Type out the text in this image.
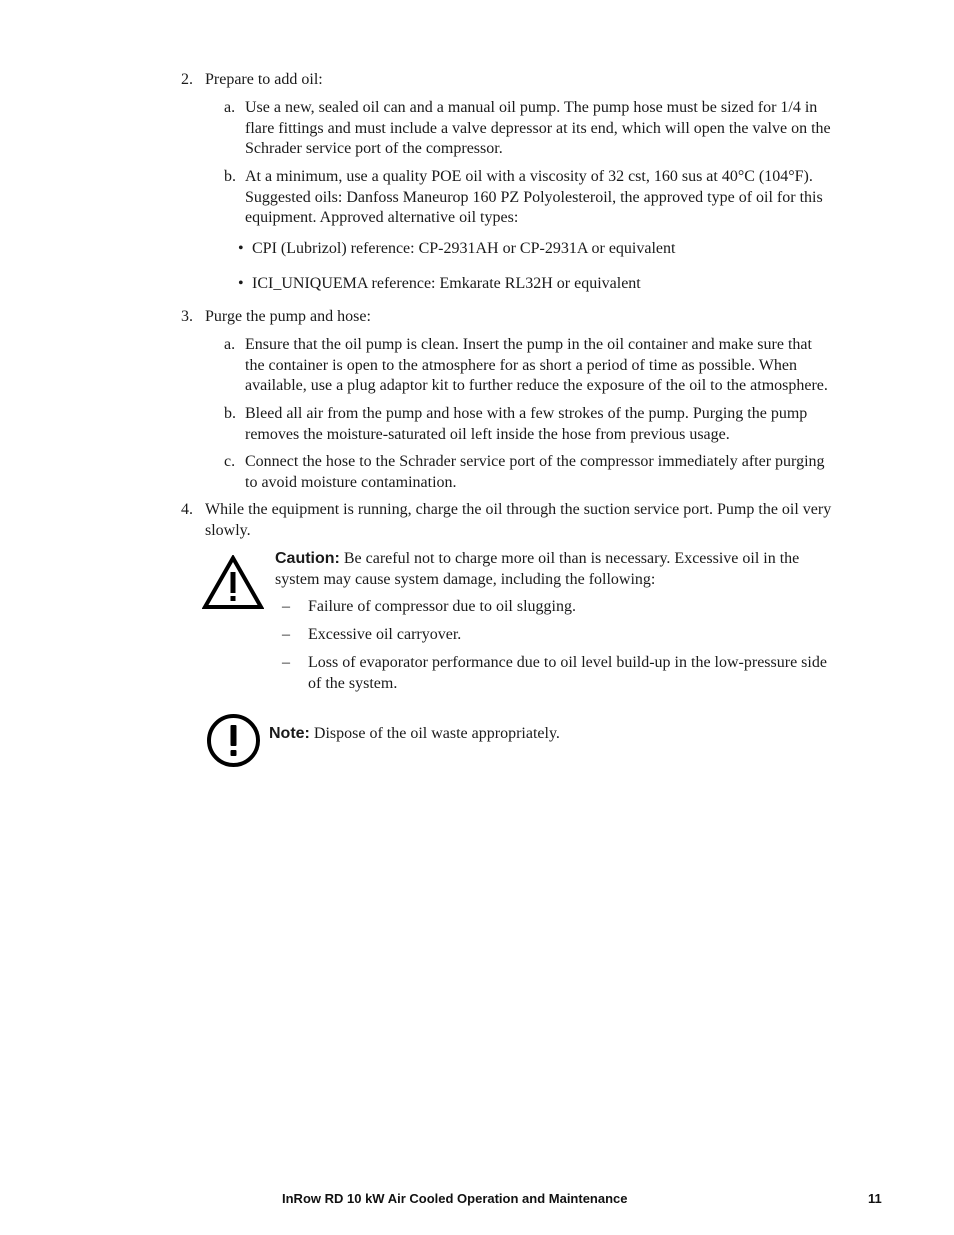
2. Prepare to add oil:
a. Use a new, sealed oil can and a manual oil pump. The pump hose must be sized for 1/4 in
flare fittings and must include a valve depressor at its end, which will open the valve on the
Schrader service port of the compressor.
b. At a minimum, use a quality POE oil with a viscosity of 32 cst, 160 sus at 40°C (104°F).
Suggested oils: Danfoss Maneurop 160 PZ Polyolesteroil, the approved type of oil for this
equipment. Approved alternative oil types:
• CPI (Lubrizol) reference: CP-2931AH or CP-2931A or equivalent
• ICI_UNIQUEMA reference: Emkarate RL32H or equivalent
3. Purge the pump and hose:
a. Ensure that the oil pump is clean. Insert the pump in the oil container and make sure that
the container is open to the atmosphere for as short a period of time as possible. When
available, use a plug adaptor kit to further reduce the exposure of the oil to the atmosphere.
b. Bleed all air from the pump and hose with a few strokes of the pump. Purging the pump
removes the moisture-saturated oil left inside the hose from previous usage.
c. Connect the hose to the Schrader service port of the compressor immediately after purging
to avoid moisture contamination.
4. While the equipment is running, charge the oil through the suction service port. Pump the oil very
slowly.
Caution: Be careful not to charge more oil than is necessary. Excessive oil in the
system may cause system damage, including the following:
– Failure of compressor due to oil slugging.
– Excessive oil carryover.
– Loss of evaporator performance due to oil level build-up in the low-pressure side
of the system.
Note: Dispose of the oil waste appropriately.
InRow RD 10 kW Air Cooled Operation and Maintenance	11
